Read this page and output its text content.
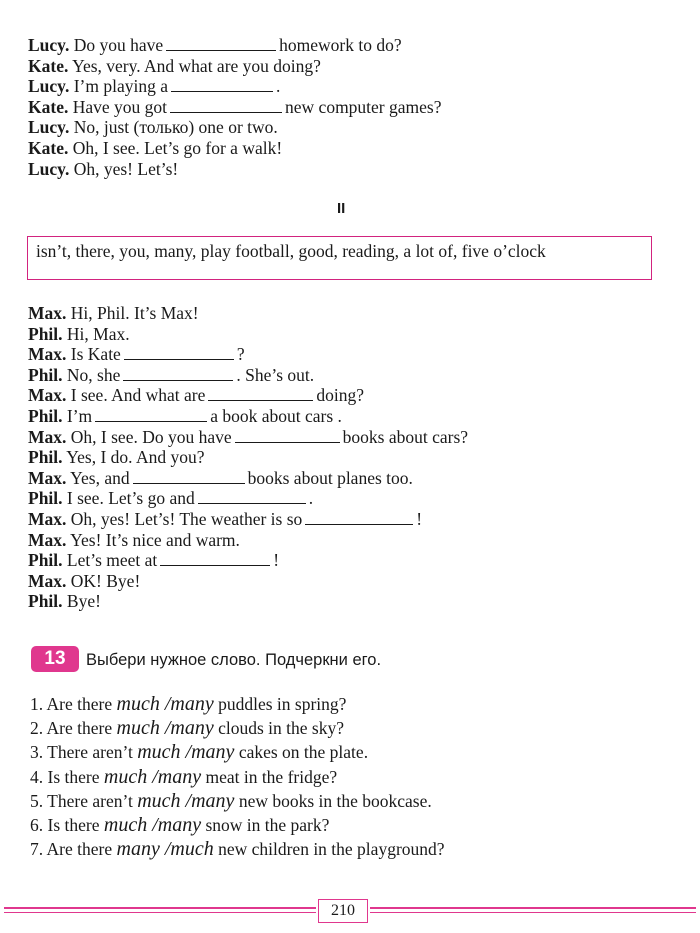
Lucy. Do you have	homework to do?
Kate. Yes, very. And what are you doing?
Lucy. I’m playing a	.
Kate. Have you got	new computer games?
Lucy. No, just (только) one or two.
Kate. Oh, I see. Let’s go for a walk!
Lucy. Oh, yes! Let’s!
II
isn’t, there, you, many, play football, good, reading, a lot of, five o’clock
Max. Hi, Phil. It’s Max!
Phil. Hi, Max.
Max. Is Kate	?
Phil. No, she	. She’s out.
Max. I see. And what are	doing?
Phil. I’m	a book about cars .
Max. Oh, I see. Do you have	books about cars?
Phil. Yes, I do. And you?
Max. Yes, and	books about planes too.
Phil. I see. Let’s go and	.
Max. Oh, yes! Let’s! The weather is so	!
Max. Yes! It’s nice and warm.
Phil. Let’s meet at	!
Max. OK! Bye!
Phil. Bye!
13	Выбери нужное слово. Подчеркни его.
1. Are there much /many puddles in spring?
2. Are there much /many clouds in the sky?
3. There aren’t much /many cakes on the plate.
4. Is there much /many meat in the fridge?
5. There aren’t much /many new books in the bookcase.
6. Is there much /many snow in the park?
7. Are there many /much new children in the playground?
210
